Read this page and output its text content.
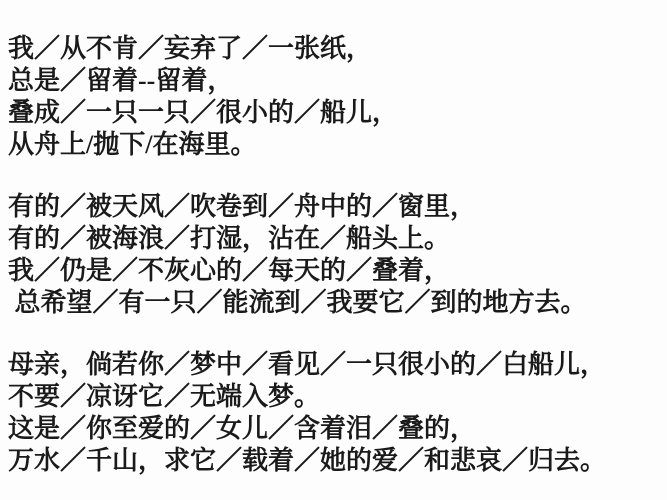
我／从不肯／妄弃了／一张纸，
总是／留着--留着，
叠成／一只一只／很小的／船儿，
从舟上/抛下/在海里。
有的／被天风／吹卷到／舟中的／窗里，
有的／被海浪／打湿，沾在／船头上。
我／仍是／不灰心的／每天的／叠着，
总希望／有一只／能流到／我要它／到的地方去。
母亲，倘若你／梦中／看见／一只很小的／白船儿，
不要／凉讶它／无端入梦。
这是／你至爱的／女儿／含着泪／叠的，
万水／千山，求它／载着／她的爱／和悲哀／归去。
